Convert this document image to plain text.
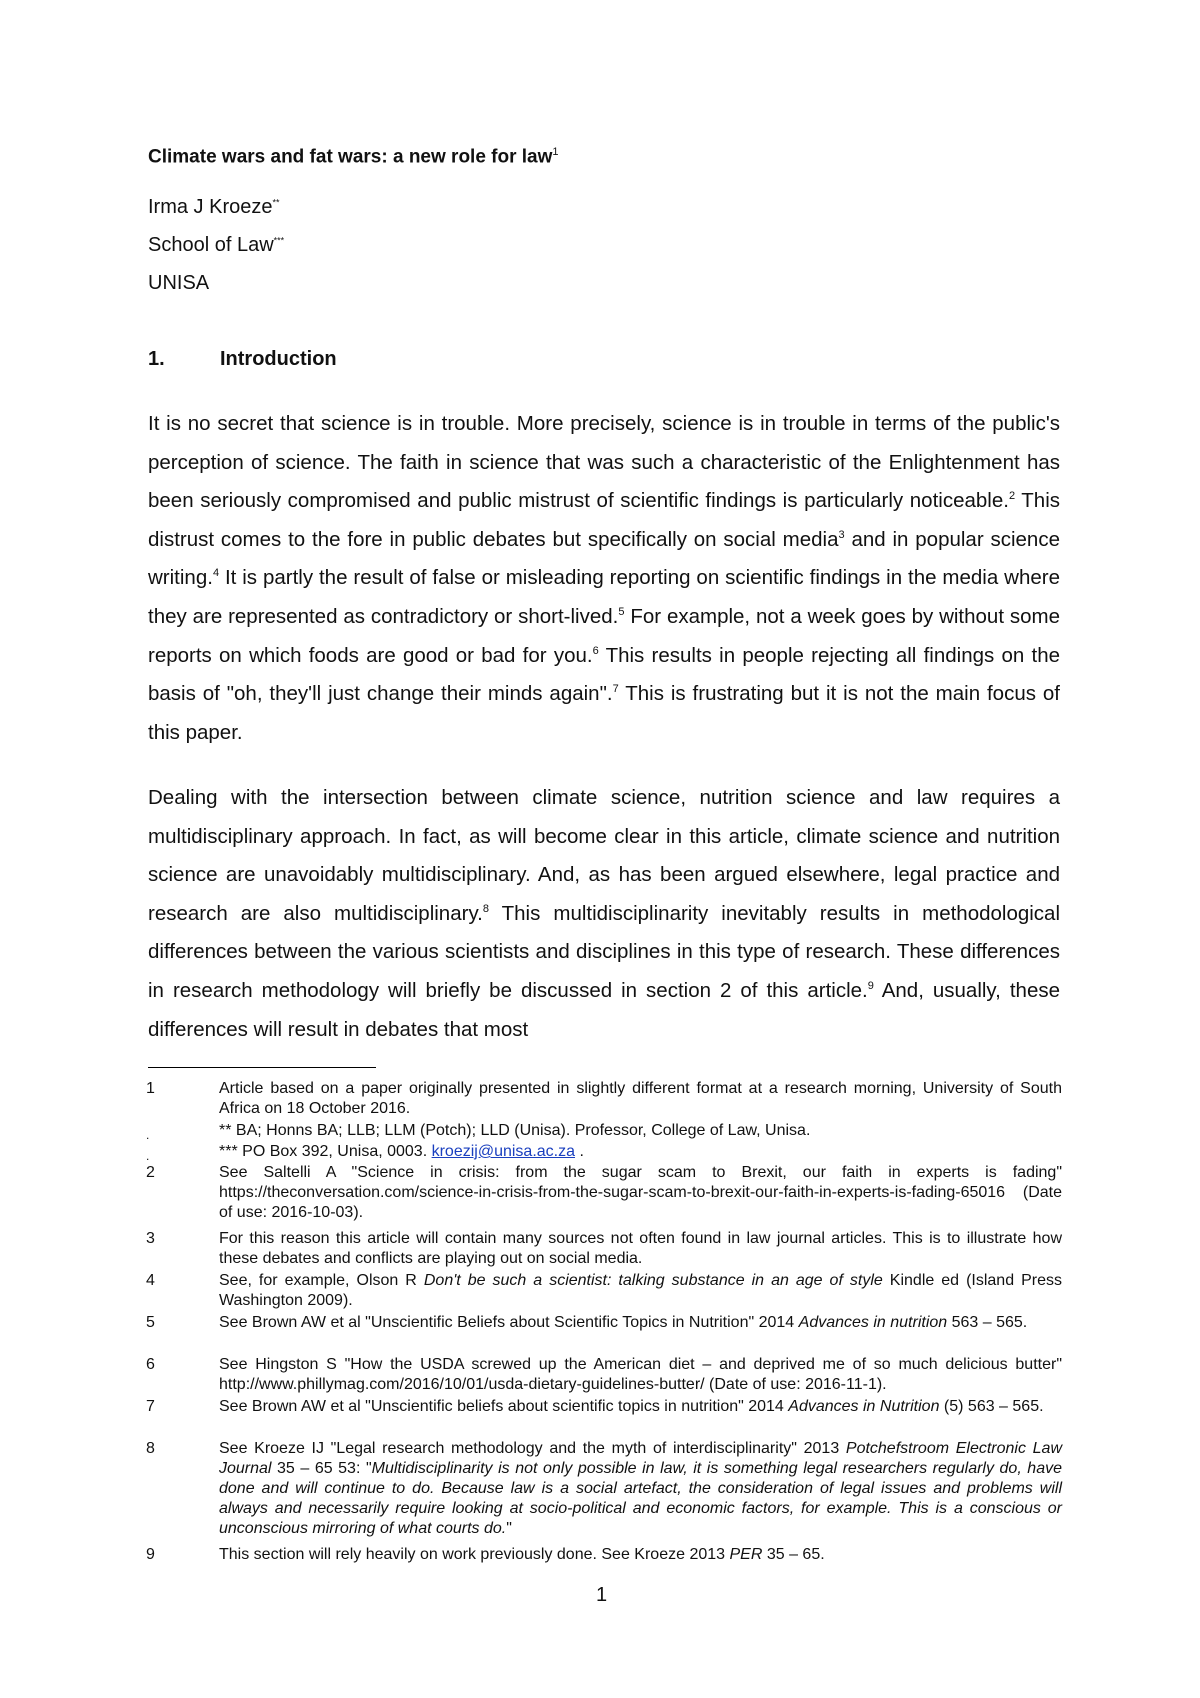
Climate wars and fat wars: a new role for law$^1$
Irma J Kroeze**
School of Law***
UNISA
1.	Introduction
It is no secret that science is in trouble. More precisely, science is in trouble in terms of the public's perception of science. The faith in science that was such a characteristic of the Enlightenment has been seriously compromised and public mistrust of scientific findings is particularly noticeable.$^2$ This distrust comes to the fore in public debates but specifically on social media$^3$ and in popular science writing.$^4$ It is partly the result of false or misleading reporting on scientific findings in the media where they are represented as contradictory or short-lived.$^5$ For example, not a week goes by without some reports on which foods are good or bad for you.$^6$ This results in people rejecting all findings on the basis of "oh, they'll just change their minds again".$^7$ This is frustrating but it is not the main focus of this paper.
Dealing with the intersection between climate science, nutrition science and law requires a multidisciplinary approach. In fact, as will become clear in this article, climate science and nutrition science are unavoidably multidisciplinary. And, as has been argued elsewhere, legal practice and research are also multidisciplinary.$^8$ This multidisciplinarity inevitably results in methodological differences between the various scientists and disciplines in this type of research. These differences in research methodology will briefly be discussed in section 2 of this article.$^9$ And, usually, these differences will result in debates that most
1	Article based on a paper originally presented in slightly different format at a research morning, University of South Africa on 18 October 2016.
.	** BA; Honns BA; LLB; LLM (Potch); LLD (Unisa). Professor, College of Law, Unisa.
.	*** PO Box 392, Unisa, 0003. kroezij@unisa.ac.za .
2	See Saltelli A "Science in crisis: from the sugar scam to Brexit, our faith in experts is fading" https://theconversation.com/science-in-crisis-from-the-sugar-scam-to-brexit-our-faith-in-experts-is-fading-65016 (Date of use: 2016-10-03).
3	For this reason this article will contain many sources not often found in law journal articles. This is to illustrate how these debates and conflicts are playing out on social media.
4	See, for example, Olson R Don't be such a scientist: talking substance in an age of style Kindle ed (Island Press Washington 2009).
5	See Brown AW et al "Unscientific Beliefs about Scientific Topics in Nutrition" 2014 Advances in nutrition 563 – 565.
6	See Hingston S "How the USDA screwed up the American diet – and deprived me of so much delicious butter" http://www.phillymag.com/2016/10/01/usda-dietary-guidelines-butter/ (Date of use: 2016-11-1).
7	See Brown AW et al "Unscientific beliefs about scientific topics in nutrition" 2014 Advances in Nutrition (5) 563 – 565.
8	See Kroeze IJ "Legal research methodology and the myth of interdisciplinarity" 2013 Potchefstroom Electronic Law Journal 35 – 65 53: "Multidisciplinarity is not only possible in law, it is something legal researchers regularly do, have done and will continue to do. Because law is a social artefact, the consideration of legal issues and problems will always and necessarily require looking at socio-political and economic factors, for example. This is a conscious or unconscious mirroring of what courts do."
9	This section will rely heavily on work previously done. See Kroeze 2013 PER 35 – 65.
1
